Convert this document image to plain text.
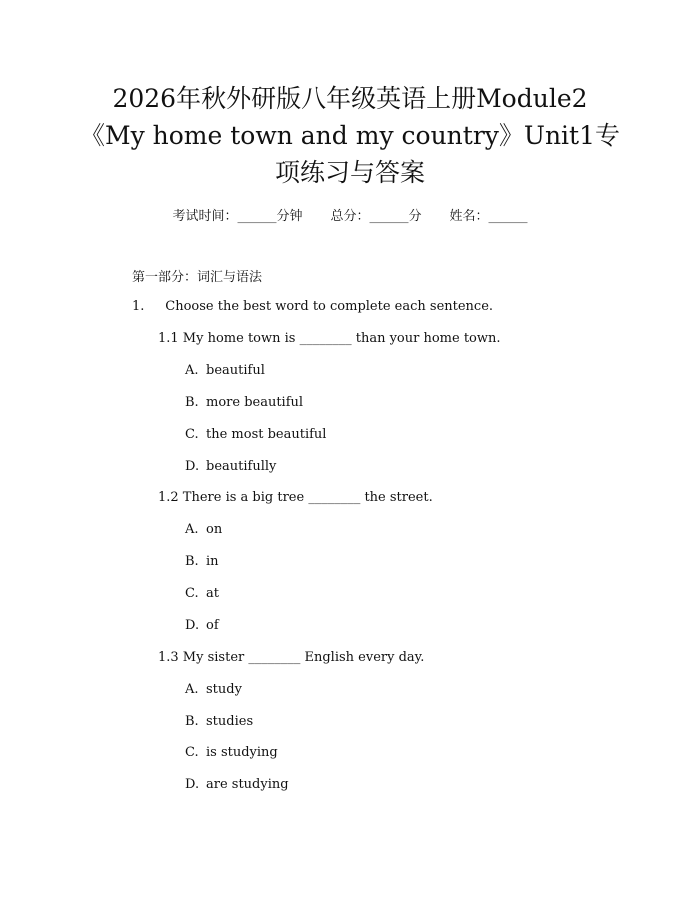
2026年秋外研版八年级英语上册Module2
《My home town and my country》Unit1专
项练习与答案
考试时间：______分钟 总分：______分 姓名：______
第一部分：词汇与语法
1. Choose the best word to complete each sentence.
1.1 My home town is ________ than your home town.
A. beautiful
B. more beautiful
C. the most beautiful
D. beautifully
1.2 There is a big tree ________ the street.
A. on
B. in
C. at
D. of
1.3 My sister ________ English every day.
A. study
B. studies
C. is studying
D. are studying
